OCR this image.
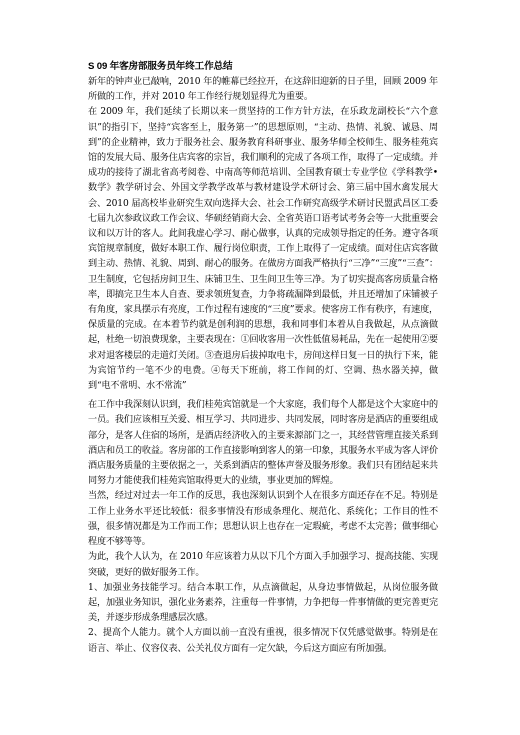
S 09 年客房部服务员年终工作总结

新年的钟声业已敲响，2010 年的帷幕已经拉开，在这辞旧迎新的日子里，回顾 2009 年所做的工作，并对 2010 年工作经行规划显得尤为重要。

在 2009 年，我们延续了长期以来一贯坚持的工作方针方法，在乐政龙副校长“六个意识”的指引下，坚持“宾客至上，服务第一”的思想原则，“主动、热情、礼貌、诚恳、周到”的企业精神，致力于服务社会、服务教育科研事业、服务华师全校师生、服务桂苑宾馆的发展大局、服务住店宾客的宗旨，我们顺利的完成了各项工作，取得了一定成绩。并成功的接待了湖北省高考阅卷、中南高等师范培训、全国教育硕士专业学位《学科教学•数学》教学研讨会、外国文学教学改革与教材建设学术研讨会、第三届中国水禽发展大会、2010 届高校毕业研究生双向选择大会、社会工作研究高级学术研讨民盟武昌区工委七届九次参政议政工作会议、华硕经销商大会、全省英语口语考试考务会等一大批重要会议和以万计的客人。此间我虚心学习、耐心做事，认真的完成领导指定的任务。遵守各项宾馆规章制度，做好本职工作、履行岗位职责，工作上取得了一定成绩。面对住店宾客做到主动、热情、礼貌、周到、耐心的服务。在做房方面我严格执行“三净”“三度”“三查”：卫生制度，它包括房间卫生、床铺卫生、卫生间卫生等三净。为了切实提高客房质量合格率，即搞完卫生本人自查、要求领班复查，力争将疏漏降到最低，并且还增加了床铺被子有角度，家具摆示有亮度，工作过程有速度的“三度”要求。使客房工作有秩序，有速度，保质量的完成。在本着节约就是创利润的思想，我和同事们本着从自我做起，从点滴做起，杜绝一切浪费现象，主要表现在：①回收客用一次性低值易耗品，先在一起使用②要求对退客楼层的走道灯关闭。③查退房后拔掉取电卡，房间这样日复一日的执行下来，能为宾馆节约一笔不少的电费。④每天下班前，将工作间的灯、空调、热水器关掉，做到“电不常明、水不常流”

在工作中我深刻认识到，我们桂苑宾馆就是一个大家庭，我们每个人都是这个大家庭中的一员。我们应该相互关爱、相互学习、共同进步、共同发展，同时客房是酒店的重要组成部分，是客人住宿的场所，是酒店经济收入的主要来源部门之一，其经营管理直接关系到酒店和员工的收益。客房部的工作直接影响到客人的第一印象，其服务水平成为客人评价酒店服务质量的主要依据之一，关系到酒店的整体声誉及服务形象。我们只有团结起来共同努力才能使我们桂苑宾馆取得更大的业绩，事业更加的辉煌。

当然，经过对过去一年工作的反思，我也深刻认识到个人在很多方面还存在不足。特别是工作上业务水平还比较低：很多事情没有形成条理化、规范化、系统化；工作目的性不强，很多情况都是为工作而工作；思想认识上也存在一定瑕疵，考虑不太完善；做事细心程度不够等等。

为此，我个人认为，在 2010 年应该着力从以下几个方面入手加强学习、提高技能、实现突破，更好的做好服务工作。

1、加强业务技能学习。结合本职工作，从点滴做起，从身边事情做起，从岗位服务做起，加强业务知识，强化业务素养，注重每一件事情，力争把每一件事情做的更完善更完美，并逐步形成条理感层次感。

2、提高个人能力。就个人方面以前一直没有重视，很多情况下仅凭感觉做事。特别是在语言、举止、仪容仪表、公关礼仪方面有一定欠缺，今后这方面应有所加强。
